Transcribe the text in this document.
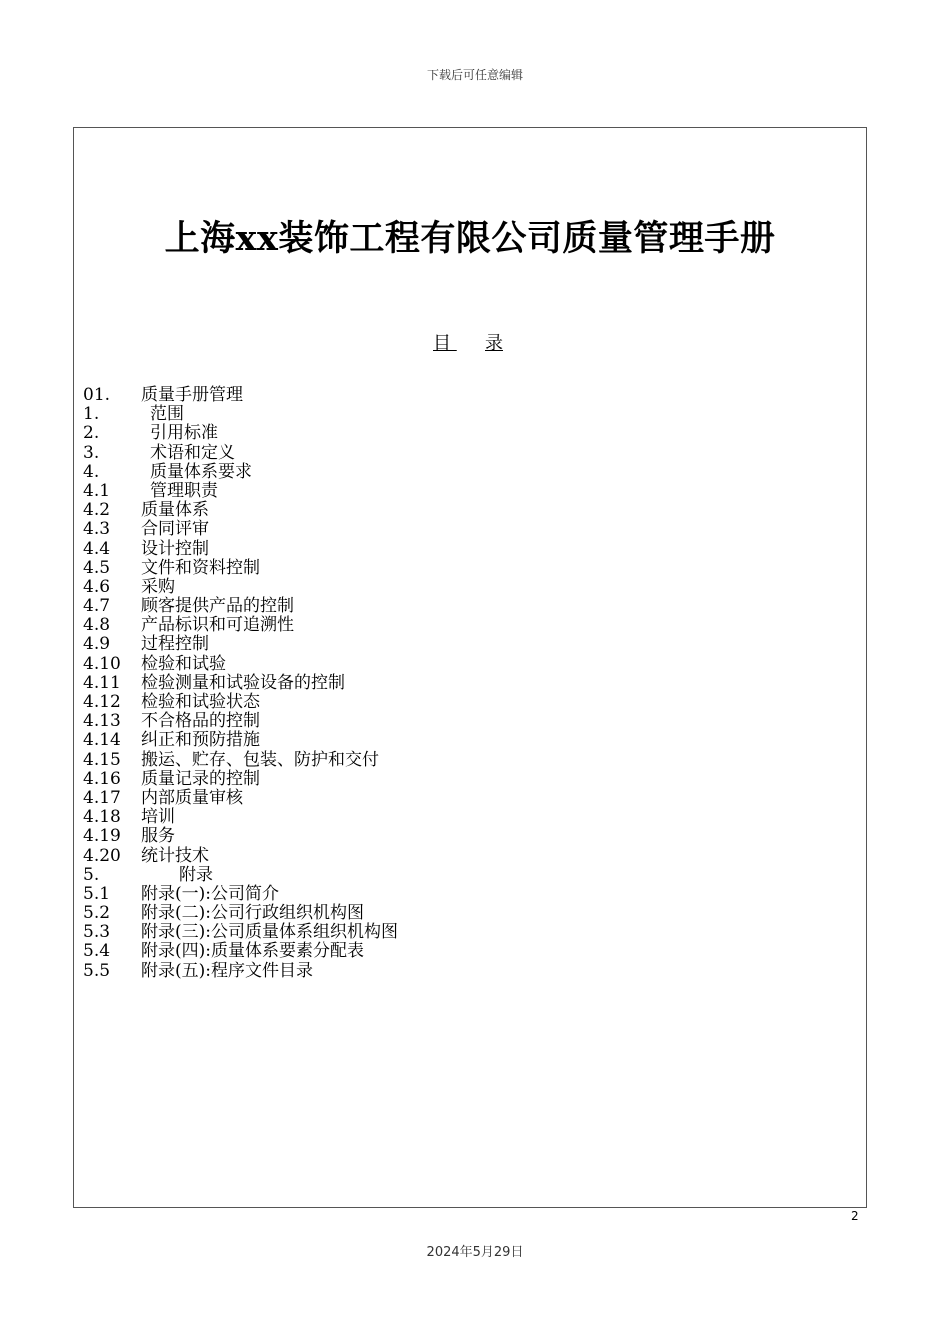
下载后可任意编辑
上海xx装饰工程有限公司质量管理手册
目 录
01. 质量手册管理
1.	范围
2.	引用标准
3.	术语和定义
4.	质量体系要求
4.1 管理职责
4.2 质量体系
4.3 合同评审
4.4 设计控制
4.5 文件和资料控制
4.6 采购
4.7 顾客提供产品的控制
4.8 产品标识和可追溯性
4.9 过程控制
4.10 检验和试验
4.11 检验测量和试验设备的控制
4.12 检验和试验状态
4.13 不合格品的控制
4.14 纠正和预防措施
4.15 搬运、贮存、包装、防护和交付
4.16 质量记录的控制
4.17 内部质量审核
4.18 培训
4.19 服务
4.20 统计技术
5.	附录
5.1 附录(一):公司简介
5.2 附录(二):公司行政组织机构图
5.3 附录(三):公司质量体系组织机构图
5.4 附录(四):质量体系要素分配表
5.5 附录(五):程序文件目录
2
2024年5月29日
